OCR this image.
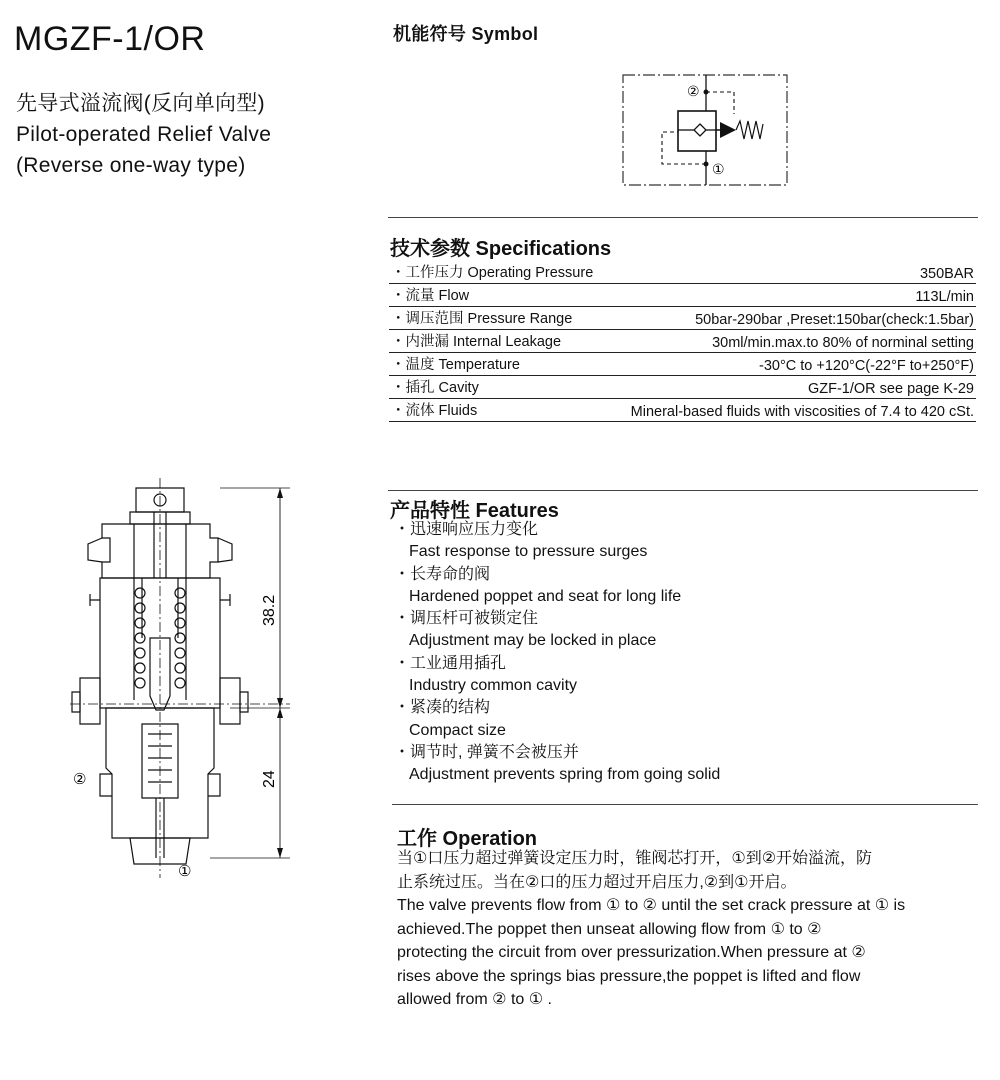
MGZF-1/OR
先导式溢流阀(反向单向型)
Pilot-operated Relief Valve
(Reverse one-way type)
机能符号 Symbol
②
①
技术参数 Specifications
・工作压力 Operating Pressure	350BAR
・流量 Flow	113L/min
・调压范围 Pressure Range	50bar-290bar ,Preset:150bar(check:1.5bar)
・内泄漏 Internal Leakage	30ml/min.max.to 80% of norminal setting
・温度 Temperature	-30°C to +120°C(-22°F to+250°F)
・插孔 Cavity	GZF-1/OR see page K-29
・流体 Fluids	Mineral-based fluids with viscosities of 7.4 to 420 cSt.
产品特性 Features
・迅速响应压力变化
Fast response to pressure surges
・长寿命的阀
Hardened poppet and seat for long life
・调压杆可被锁定住
Adjustment may be locked in place
・工业通用插孔
Industry common cavity
・紧凑的结构
Compact size
・调节时, 弹簧不会被压并
Adjustment prevents spring from going solid
工作 Operation

当①口压力超过弹簧设定压力时，锥阀芯打开，①到②开始溢流，防

止系统过压。当在②口的压力超过开启压力,②到①开启。

The valve prevents flow from ① to ② until the set crack pressure at ① is

achieved.The poppet then unseat allowing flow from ① to ②

protecting the circuit from over pressurization.When pressure at ②

rises above the springs bias pressure,the poppet is lifted and flow

allowed from ② to ① .

38.2
24
②
①
